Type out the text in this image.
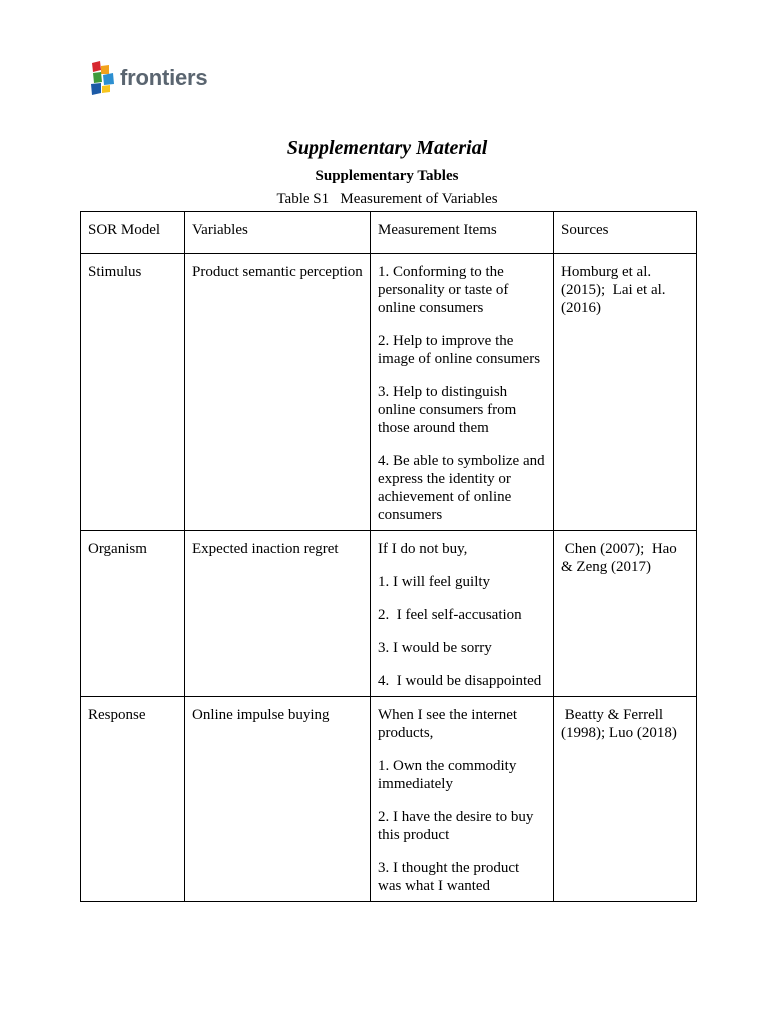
frontiers
Supplementary Material
Supplementary Tables

Table S1   Measurement of Variables

SOR Model	Variables	Measurement Items	Sources
Stimulus	Product semantic perception	1. Conforming to the personality or taste of online consumers
2. Help to improve the image of online consumers
3. Help to distinguish online consumers from those around them
4. Be able to symbolize and express the identity or achievement of online consumers	Homburg et al. (2015);  Lai et al. (2016)
Organism	Expected inaction regret	If I do not buy,
1. I will feel guilty
2.  I feel self-accusation
3. I would be sorry
4.  I would be disappointed	Chen (2007);  Hao & Zeng (2017)
Response	Online impulse buying	When I see the internet products,
1. Own the commodity immediately
2. I have the desire to buy this product
3. I thought the product was what I wanted	Beatty & Ferrell (1998); Luo (2018)
